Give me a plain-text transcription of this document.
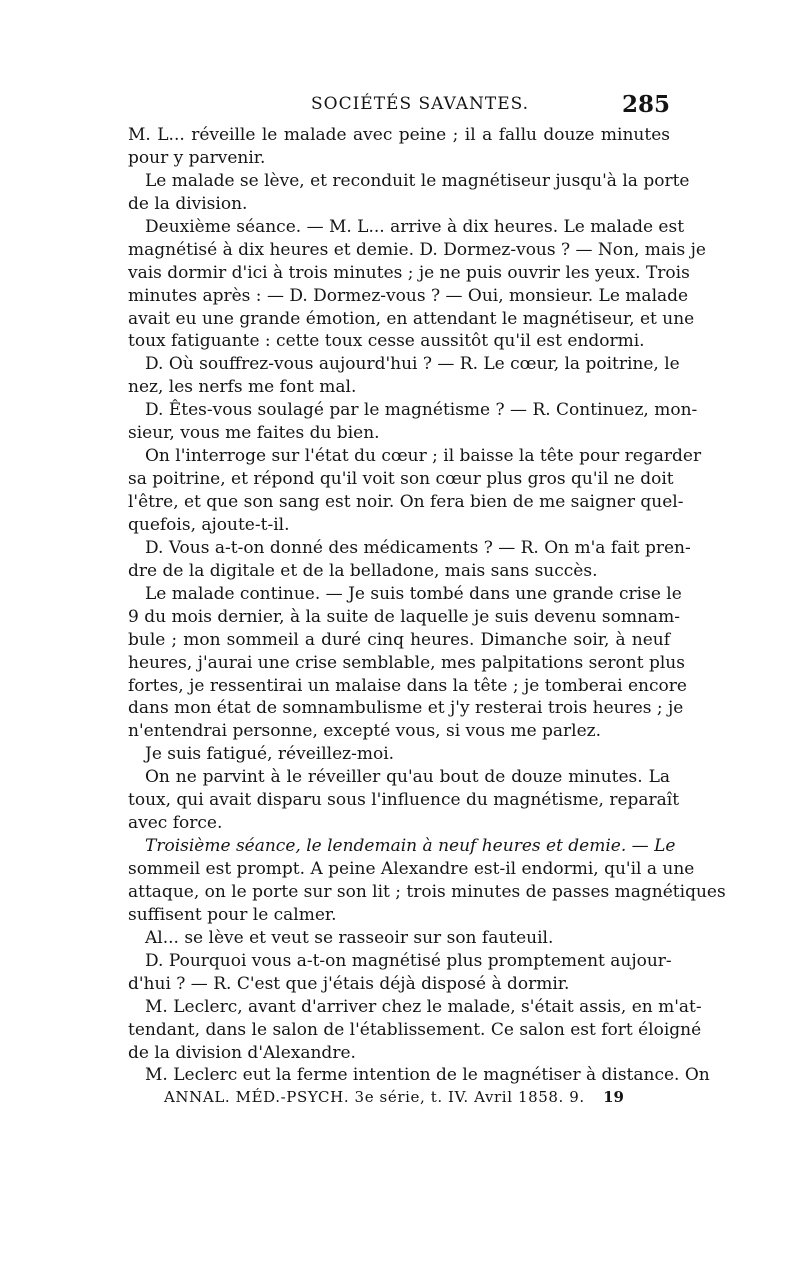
SOCIÉTÉS SAVANTES.	285
M. L... réveille le malade avec peine ; il a fallu douze minutes
pour y parvenir.
Le malade se lève, et reconduit le magnétiseur jusqu'à la porte
de la division.
Deuxième séance. — M. L... arrive à dix heures. Le malade est
magnétisé à dix heures et demie. D. Dormez-vous ? — Non, mais je
vais dormir d'ici à trois minutes ; je ne puis ouvrir les yeux. Trois
minutes après : — D. Dormez-vous ? — Oui, monsieur. Le malade
avait eu une grande émotion, en attendant le magnétiseur, et une
toux fatiguante : cette toux cesse aussitôt qu'il est endormi.
D. Où souffrez-vous aujourd'hui ? — R. Le cœur, la poitrine, le
nez, les nerfs me font mal.
D. Êtes-vous soulagé par le magnétisme ? — R. Continuez, mon-
sieur, vous me faites du bien.
On l'interroge sur l'état du cœur ; il baisse la tête pour regarder
sa poitrine, et répond qu'il voit son cœur plus gros qu'il ne doit
l'être, et que son sang est noir. On fera bien de me saigner quel-
quefois, ajoute-t-il.
D. Vous a-t-on donné des médicaments ? — R. On m'a fait pren-
dre de la digitale et de la belladone, mais sans succès.
Le malade continue. — Je suis tombé dans une grande crise le
9 du mois dernier, à la suite de laquelle je suis devenu somnam-
bule ; mon sommeil a duré cinq heures. Dimanche soir, à neuf
heures, j'aurai une crise semblable, mes palpitations seront plus
fortes, je ressentirai un malaise dans la tête ; je tomberai encore
dans mon état de somnambulisme et j'y resterai trois heures ; je
n'entendrai personne, excepté vous, si vous me parlez.
Je suis fatigué, réveillez-moi.
On ne parvint à le réveiller qu'au bout de douze minutes. La
toux, qui avait disparu sous l'influence du magnétisme, reparaît
avec force.
Troisième séance, le lendemain à neuf heures et demie. — Le
sommeil est prompt. A peine Alexandre est-il endormi, qu'il a une
attaque, on le porte sur son lit ; trois minutes de passes magnétiques
suffisent pour le calmer.
Al... se lève et veut se rasseoir sur son fauteuil.
D. Pourquoi vous a-t-on magnétisé plus promptement aujour-
d'hui ? — R. C'est que j'étais déjà disposé à dormir.
M. Leclerc, avant d'arriver chez le malade, s'était assis, en m'at-
tendant, dans le salon de l'établissement. Ce salon est fort éloigné
de la division d'Alexandre.
M. Leclerc eut la ferme intention de le magnétiser à distance. On
ANNAL. MÉD.-PSYCH. 3e série, t. IV. Avril 1858. 9. 19
